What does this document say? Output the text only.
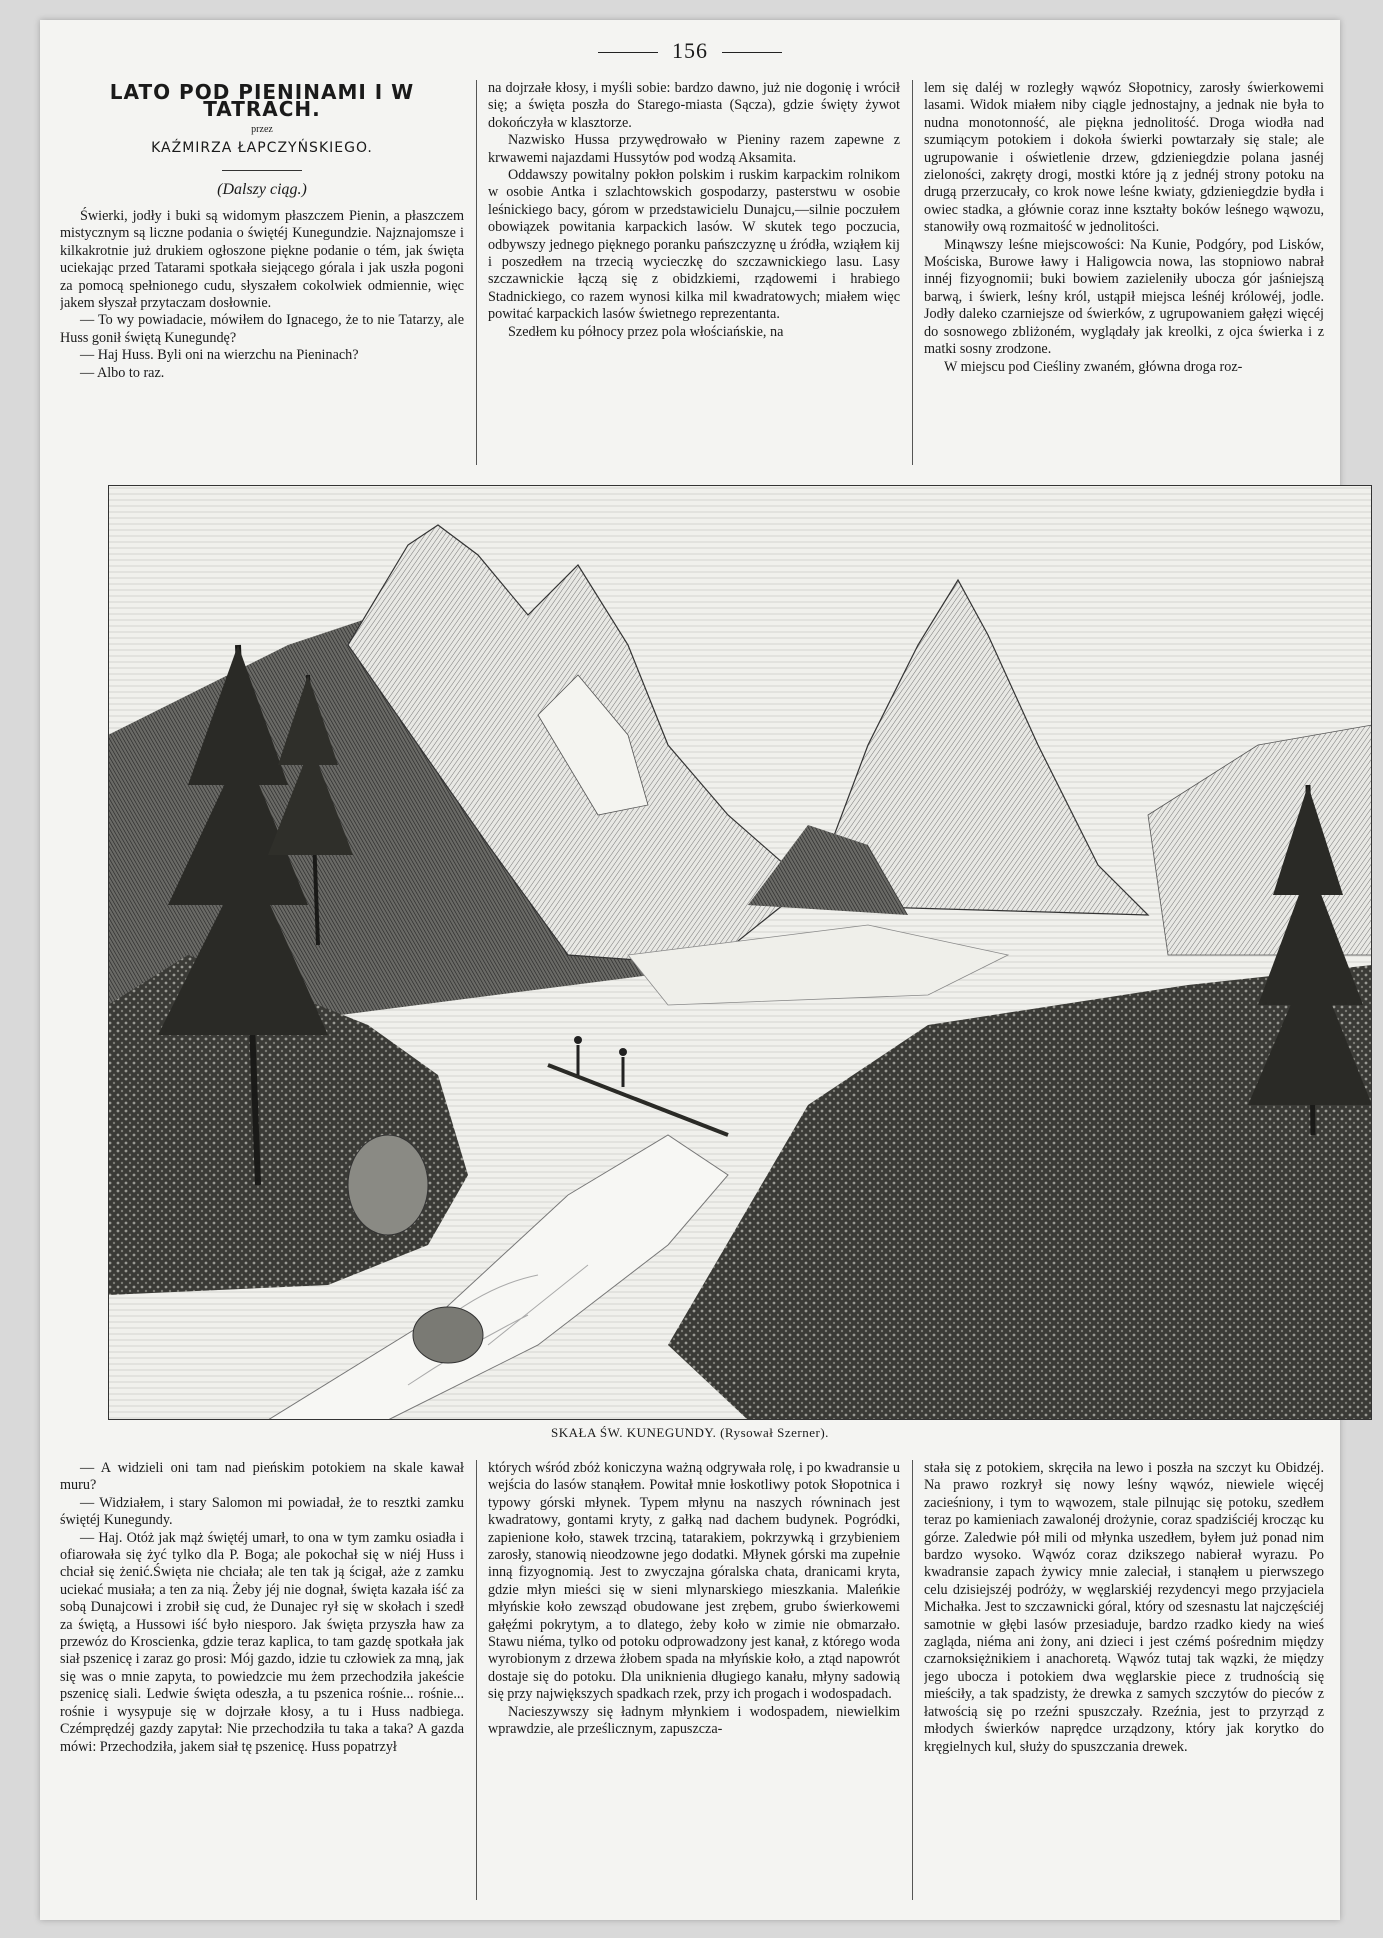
156
LATO POD PIENINAMI I W TATRACH.
przez
KAŹMIRZA ŁAPCZYŃSKIEGO.
(Dalszy ciąg.)

Świerki, jodły i buki są widomym płaszczem Pienin, a płaszczem mistycznym są liczne podania o świętéj Kunegundzie. Najznajomsze i kilkakrotnie już drukiem ogłoszone piękne podanie o tém, jak święta uciekając przed Tatarami spotkała siejącego górala i jak uszła pogoni za pomocą spełnionego cudu, słyszałem cokolwiek odmiennie, więc jakem słyszał przytaczam dosłownie.

— To wy powiadacie, mówiłem do Ignacego, że to nie Tatarzy, ale Huss gonił świętą Kunegundę?

— Haj Huss. Byli oni na wierzchu na Pieninach?

— Albo to raz.

na dojrzałe kłosy, i myśli sobie: bardzo dawno, już nie dogonię i wrócił się; a święta poszła do Starego-miasta (Sącza), gdzie święty żywot dokończyła w klasztorze.

Nazwisko Hussa przywędrowało w Pieniny razem zapewne z krwawemi najazdami Hussytów pod wodzą Aksamita.

Oddawszy powitalny pokłon polskim i ruskim karpackim rolnikom w osobie Antka i szlachtowskich gospodarzy, pasterstwu w osobie leśnickiego bacy, górom w przedstawicielu Dunajcu,—silnie poczułem obowiązek powitania karpackich lasów. W skutek tego poczucia, odbywszy jednego pięknego poranku pańszczyznę u źródła, wziąłem kij i poszedłem na trzecią wycieczkę do szczawnickiego lasu. Lasy szczawnickie łączą się z obidzkiemi, rządowemi i hrabiego Stadnickiego, co razem wynosi kilka mil kwadratowych; miałem więc powitać karpackich lasów świetnego reprezentanta.

Szedłem ku północy przez pola włościańskie, na

lem się daléj w rozległy wąwóz Słopotnicy, zarosły świerkowemi lasami. Widok miałem niby ciągle jednostajny, a jednak nie była to nudna monotonność, ale piękna jednolitość. Droga wiodła nad szumiącym potokiem i dokoła świerki powtarzały się stale; ale ugrupowanie i oświetlenie drzew, gdzieniegdzie polana jasnéj zieloności, zakręty drogi, mostki które ją z jednéj strony potoku na drugą przerzucały, co krok nowe leśne kwiaty, gdzieniegdzie bydła i owiec stadka, a głównie coraz inne kształty boków leśnego wąwozu, stanowiły ową rozmaitość w jednolitości.

Minąwszy leśne miejscowości: Na Kunie, Podgóry, pod Lisków, Mościska, Burowe ławy i Haligowcia nowa, las stopniowo nabrał innéj fizyognomii; buki bowiem zazieleniły ubocza gór jaśniejszą barwą, i świerk, leśny król, ustąpił miejsca leśnéj królowéj, jodle. Jodły daleko czarniejsze od świerków, z ugrupowaniem gałęzi więcéj do sosnowego zbliżoném, wyglądały jak kreolki, z ojca świerka i z matki sosny zrodzone.

W miejscu pod Cieśliny zwaném, główna droga roz-

SKAŁA ŚW. KUNEGUNDY. (Rysował Szerner).

— A widzieli oni tam nad pieńskim potokiem na skale kawał muru?

— Widziałem, i stary Salomon mi powiadał, że to resztki zamku świętéj Kunegundy.

— Haj. Otóż jak mąż świętéj umarł, to ona w tym zamku osiadła i ofiarowała się żyć tylko dla P. Boga; ale pokochał się w niéj Huss i chciał się żenić.Święta nie chciała; ale ten tak ją ścigał, aże z zamku uciekać musiała; a ten za nią. Żeby jéj nie dognał, święta kazała iść za sobą Dunajcowi i zrobił się cud, że Dunajec rył się w skołach i szedł za świętą, a Hussowi iść było niesporo. Jak święta przyszła haw za przewóz do Kroscienka, gdzie teraz kaplica, to tam gazdę spotkała jak siał pszenicę i zaraz go prosi: Mój gazdo, idzie tu człowiek za mną, jak się was o mnie zapyta, to powiedzcie mu żem przechodziła jakeście pszenicę siali. Ledwie święta odeszła, a tu pszenica rośnie... rośnie... rośnie i wysypuje się w dojrzałe kłosy, a tu i Huss nadbiega. Czémprędzéj gazdy zapytał: Nie przechodziła tu taka a taka? A gazda mówi: Przechodziła, jakem siał tę pszenicę. Huss popatrzył

których wśród zbóż koniczyna ważną odgrywała rolę, i po kwadransie u wejścia do lasów stanąłem. Powitał mnie łoskotliwy potok Słopotnica i typowy górski młynek. Typem młynu na naszych równinach jest kwadratowy, gontami kryty, z gałką nad dachem budynek. Pogródki, zapienione koło, stawek trzciną, tatarakiem, pokrzywką i grzybieniem zarosły, stanowią nieodzowne jego dodatki. Młynek górski ma zupełnie inną fizyognomią. Jest to zwyczajna góralska chata, dranicami kryta, gdzie młyn mieści się w sieni mlynarskiego mieszkania. Maleńkie młyńskie koło zewsząd obudowane jest zrębem, grubo świerkowemi gałęźmi pokrytym, a to dlatego, żeby koło w zimie nie obmarzało. Stawu niéma, tylko od potoku odprowadzony jest kanał, z którego woda wyrobionym z drzewa żłobem spada na młyńskie koło, a ztąd napowrót dostaje się do potoku. Dla uniknienia długiego kanału, młyny sadowią się przy największych spadkach rzek, przy ich progach i wodospadach.

Nacieszywszy się ładnym młynkiem i wodospadem, niewielkim wprawdzie, ale prześlicznym, zapuszcza-

stała się z potokiem, skręciła na lewo i poszła na szczyt ku Obidzéj. Na prawo rozkrył się nowy leśny wąwóz, niewiele więcéj zacieśniony, i tym to wąwozem, stale pilnując się potoku, szedłem teraz po kamieniach zawalonéj drożynie, coraz spadziściéj krocząc ku górze. Zaledwie pół mili od młynka uszedłem, byłem już ponad nim bardzo wysoko. Wąwóz coraz dzikszego nabierał wyrazu. Po kwadransie zapach żywicy mnie zaleciał, i stanąłem u pierwszego celu dzisiejszéj podróży, w węglarskiéj rezydencyi mego przyjaciela Michałka. Jest to szczawnicki góral, który od szesnastu lat najczęściéj samotnie w głębi lasów przesiaduje, bardzo rzadko kiedy na wieś zagląda, niéma ani żony, ani dzieci i jest czémś pośrednim między czarnoksiężnikiem i anachoretą. Wąwóz tutaj tak wązki, że między jego ubocza i potokiem dwa węglarskie piece z trudnością się mieściły, a tak spadzisty, że drewka z samych szczytów do pieców z łatwością się po rzeźni spuszczały. Rzeźnia, jest to przyrząd z młodych świerków naprędce urządzony, który jak korytko do kręgielnych kul, służy do spuszczania drewek.
